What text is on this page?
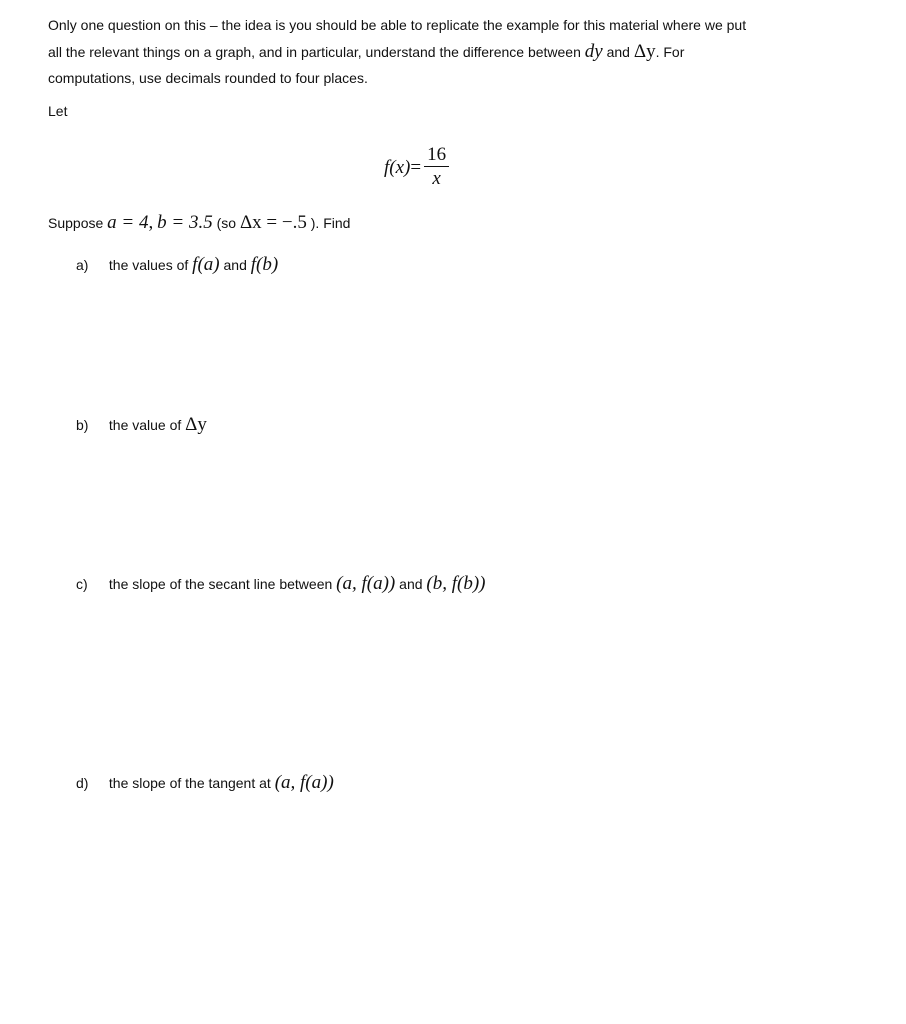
Only one question on this – the idea is you should be able to replicate the example for this material where we put
all the relevant things on a graph, and in particular, understand the difference between dy and Δy. For
computations, use decimals rounded to four places.
Let
$f(x) = \frac{16}{x}$
Suppose a = 4, b = 3.5 (so Δx = −.5 ). Find
a) the values of f(a) and f(b)
b) the value of Δy
c) the slope of the secant line between (a, f(a)) and (b, f(b))
d) the slope of the tangent at (a, f(a))
